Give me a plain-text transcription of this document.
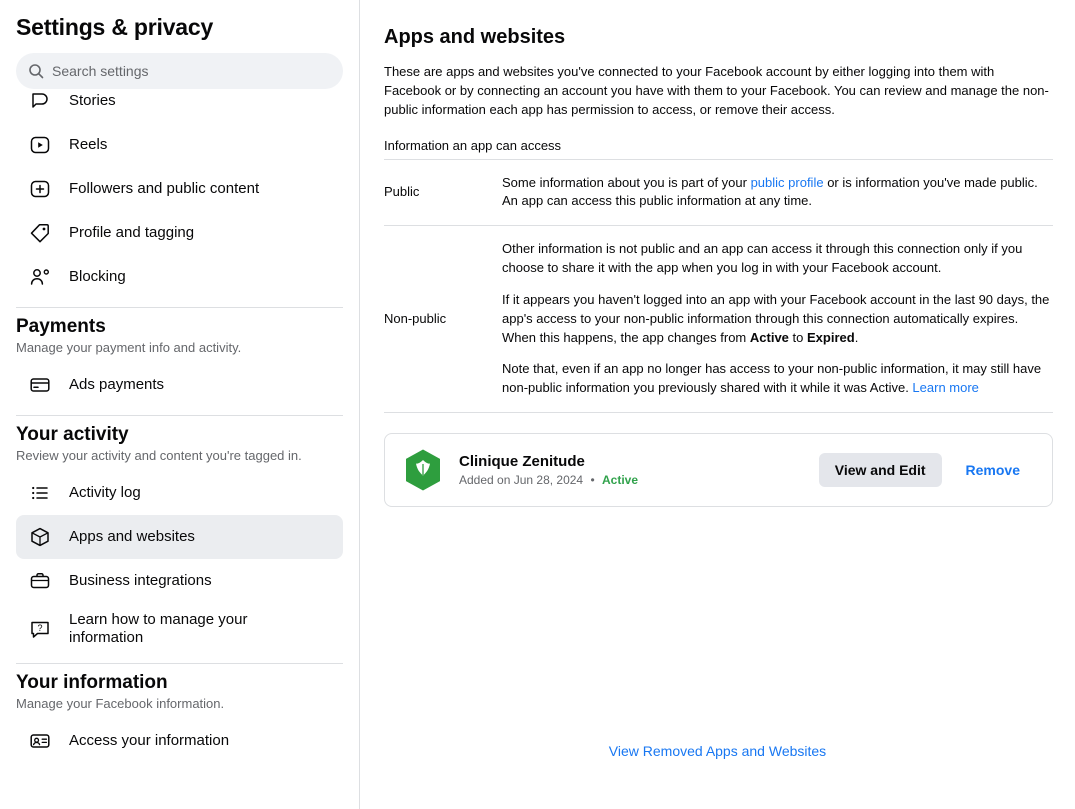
Settings & privacy
Search settings
Stories
Reels
Followers and public content
Profile and tagging
Blocking
Payments
Manage your payment info and activity.
Ads payments
Your activity
Review your activity and content you're tagged in.
Activity log
Apps and websites
Business integrations
? Learn how to manage your information
Your information
Manage your Facebook information.
Access your information
Apps and websites
These are apps and websites you've connected to your Facebook account by either logging into them with Facebook or by connecting an account you have with them to your Facebook. You can review and manage the non-public information each app has permission to access, or remove their access.
Information an app can access
Public	Some information about you is part of your public profile or is information you've made public. An app can access this public information at any time.

Non-public	Other information is not public and an app can access it through this connection only if you choose to share it with the app when you log in with your Facebook account.

If it appears you haven't logged into an app with your Facebook account in the last 90 days, the app's access to your non-public information through this connection automatically expires. When this happens, the app changes from Active to Expired.

Note that, even if an app no longer has access to your non-public information, it may still have non-public information you previously shared with it while it was Active. Learn more

Clinique Zenitude
Added on Jun 28, 2024 • Active
View and Edit	Remove
View Removed Apps and Websites
